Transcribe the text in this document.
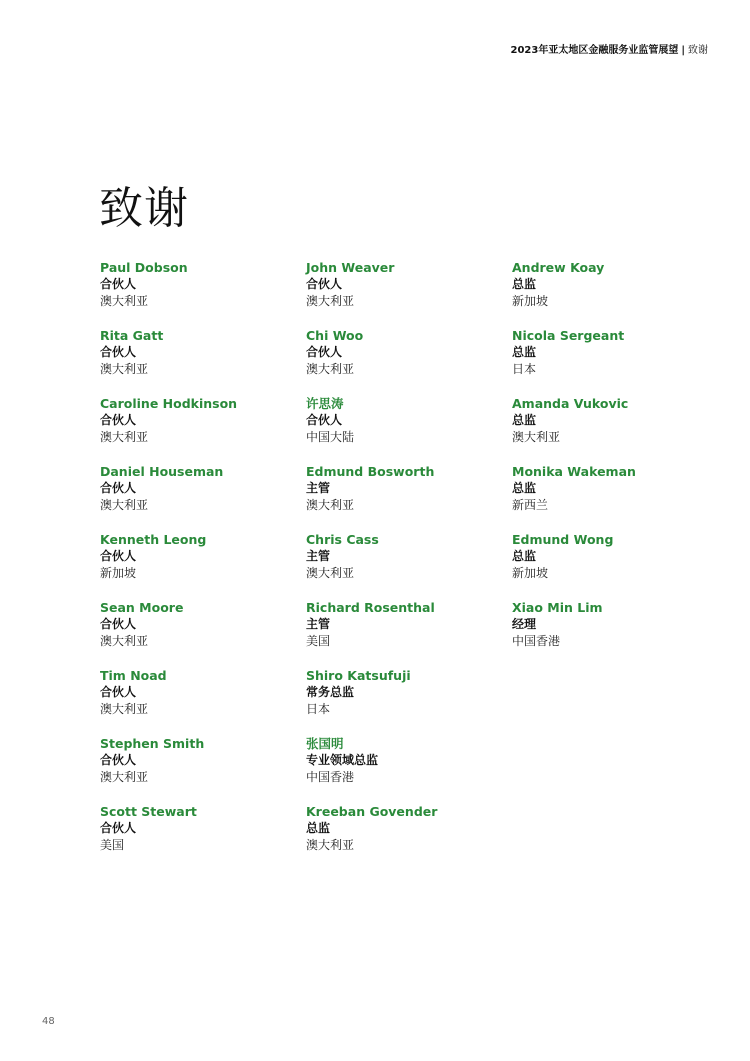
2023年亚太地区金融服务业监管展望 | 致谢
致谢
Paul Dobson
合伙人
澳大利亚
Rita Gatt
合伙人
澳大利亚
Caroline Hodkinson
合伙人
澳大利亚
Daniel Houseman
合伙人
澳大利亚
Kenneth Leong
合伙人
新加坡
Sean Moore
合伙人
澳大利亚
Tim Noad
合伙人
澳大利亚
Stephen Smith
合伙人
澳大利亚
Scott Stewart
合伙人
美国
John Weaver
合伙人
澳大利亚
Chi Woo
合伙人
澳大利亚
许思涛
合伙人
中国大陆
Edmund Bosworth
主管
澳大利亚
Chris Cass
主管
澳大利亚
Richard Rosenthal
主管
美国
Shiro Katsufuji
常务总监
日本
张国明
专业领域总监
中国香港
Kreeban Govender
总监
澳大利亚
Andrew Koay
总监
新加坡
Nicola Sergeant
总监
日本
Amanda Vukovic
总监
澳大利亚
Monika Wakeman
总监
新西兰
Edmund Wong
总监
新加坡
Xiao Min Lim
经理
中国香港
48
